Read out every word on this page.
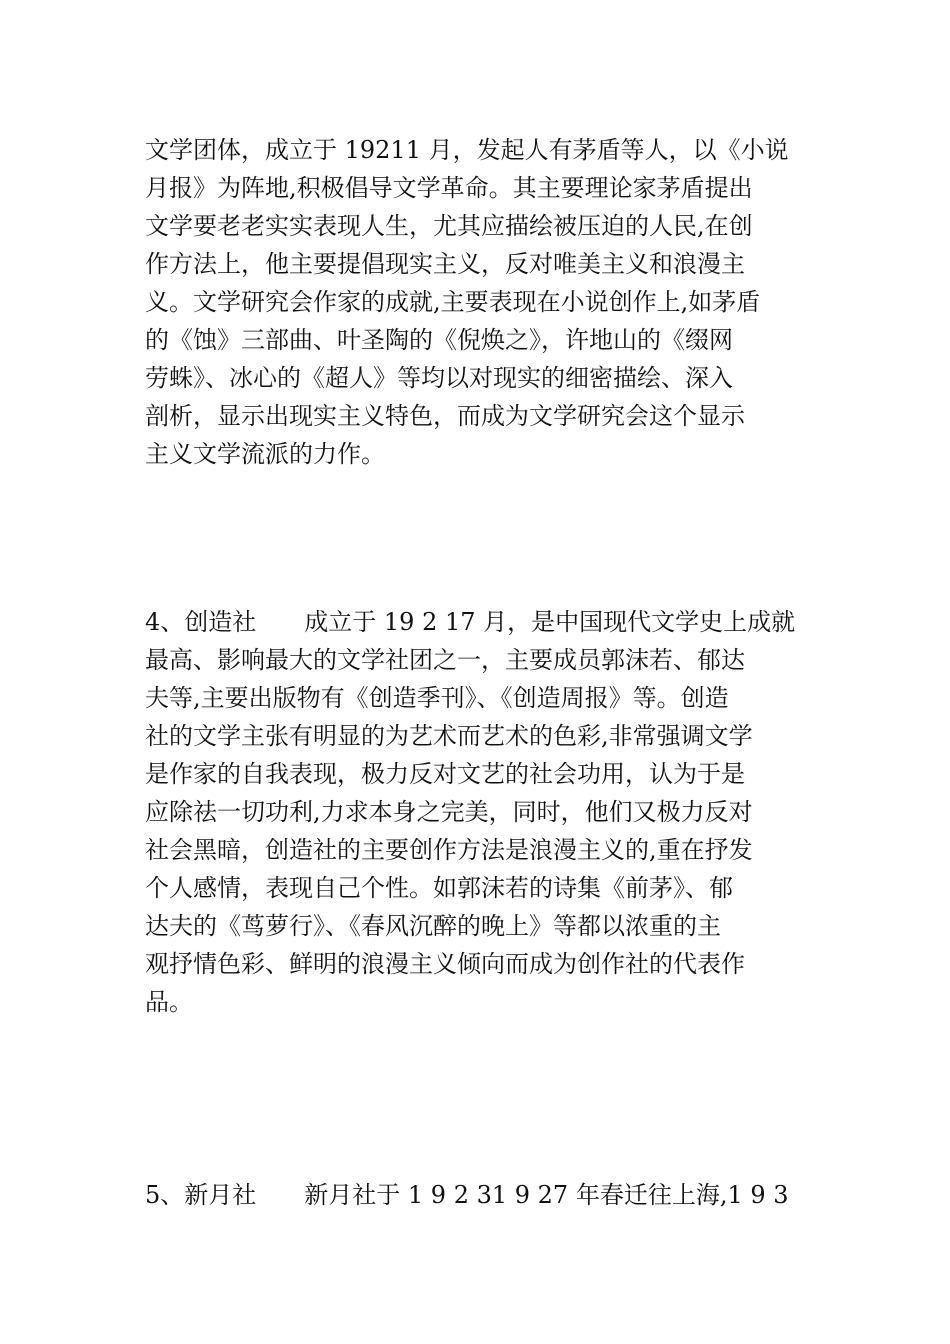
文学团体，成立于 19211 月，发起人有茅盾等人，以《小说
月报》为阵地,积极倡导文学革命。其主要理论家茅盾提出
文学要老老实实表现人生，尤其应描绘被压迫的人民,在创
作方法上，他主要提倡现实主义，反对唯美主义和浪漫主
义。文学研究会作家的成就,主要表现在小说创作上,如茅盾
的《蚀》三部曲、叶圣陶的《倪焕之》，许地山的《缀网
劳蛛》、冰心的《超人》等均以对现实的细密描绘、深入
剖析，显示出现实主义特色，而成为文学研究会这个显示
主义文学流派的力作。

4、创造社　　成立于 19 2 17 月，是中国现代文学史上成就
最高、影响最大的文学社团之一，主要成员郭沫若、郁达
夫等,主要出版物有《创造季刊》、《创造周报》等。创造
社的文学主张有明显的为艺术而艺术的色彩,非常强调文学
是作家的自我表现，极力反对文艺的社会功用，认为于是
应除祛一切功利,力求本身之完美，同时，他们又极力反对
社会黑暗，创造社的主要创作方法是浪漫主义的,重在抒发
个人感情，表现自己个性。如郭沫若的诗集《前茅》、郁
达夫的《茑萝行》、《春风沉醉的晚上》等都以浓重的主
观抒情色彩、鲜明的浪漫主义倾向而成为创作社的代表作
品。

5、新月社　　新月社于 1 9 2 31 9 27 年春迁往上海,1 9 3
